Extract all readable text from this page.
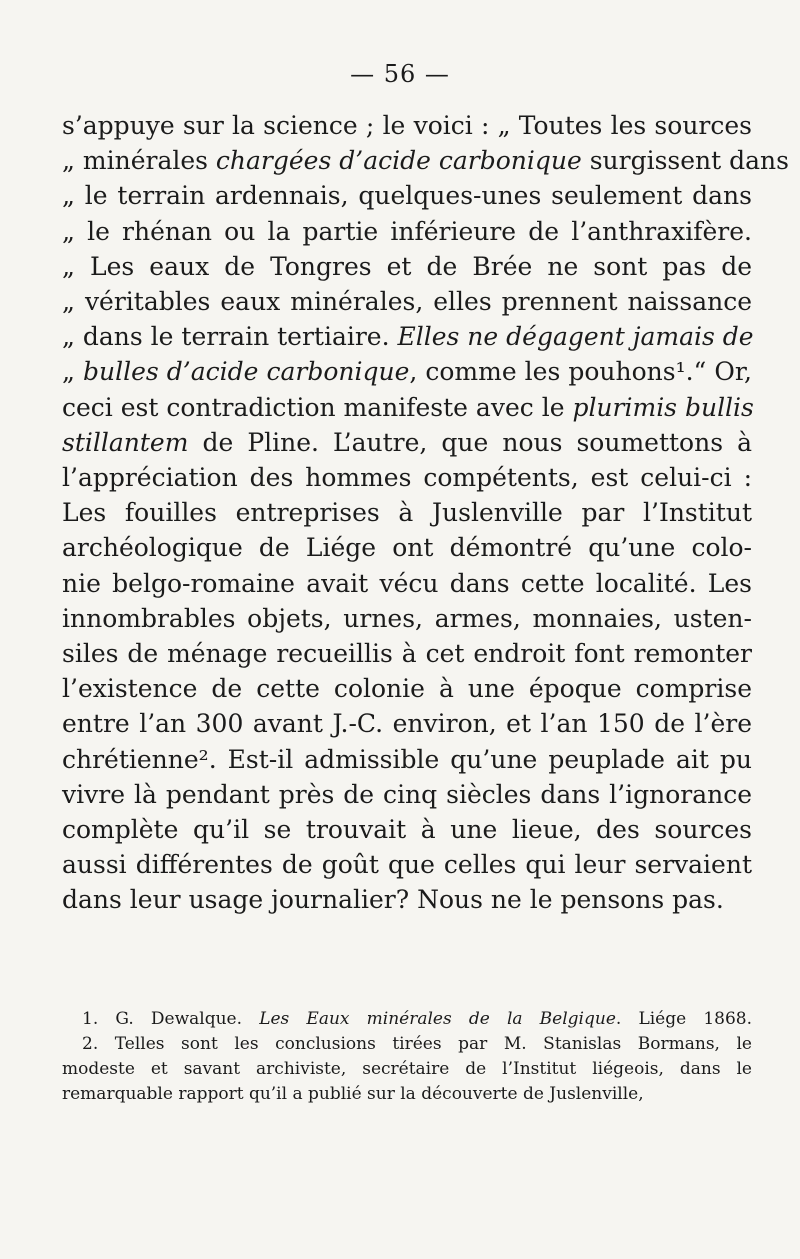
— 56 —
s’appuye sur la science ; le voici : „ Toutes les sources
„ minérales chargées d’acide carbonique surgissent dans
„ le terrain ardennais, quelques-unes seulement dans
„ le rhénan ou la partie inférieure de l’anthraxifère.
„ Les eaux de Tongres et de Brée ne sont pas de
„ véritables eaux minérales, elles prennent naissance
„ dans le terrain tertiaire. Elles ne dégagent jamais de
„ bulles d’acide carbonique, comme les pouhons¹.“ Or,
ceci est contradiction manifeste avec le plurimis bullis
stillantem de Pline. L’autre, que nous soumettons à
l’appréciation des hommes compétents, est celui-ci :
Les fouilles entreprises à Juslenville par l’Institut
archéologique de Liége ont démontré qu’une colo-
nie belgo-romaine avait vécu dans cette localité. Les
innombrables objets, urnes, armes, monnaies, usten-
siles de ménage recueillis à cet endroit font remonter
l’existence de cette colonie à une époque comprise
entre l’an 300 avant J.-C. environ, et l’an 150 de l’ère
chrétienne². Est-il admissible qu’une peuplade ait pu
vivre là pendant près de cinq siècles dans l’ignorance
complète qu’il se trouvait à une lieue, des sources
aussi différentes de goût que celles qui leur servaient
dans leur usage journalier? Nous ne le pensons pas.
1. G. Dewalque. Les Eaux minérales de la Belgique. Liége 1868.
2. Telles sont les conclusions tirées par M. Stanislas Bormans, le
modeste et savant archiviste, secrétaire de l’Institut liégeois, dans le
remarquable rapport qu’il a publié sur la découverte de Juslenville,
